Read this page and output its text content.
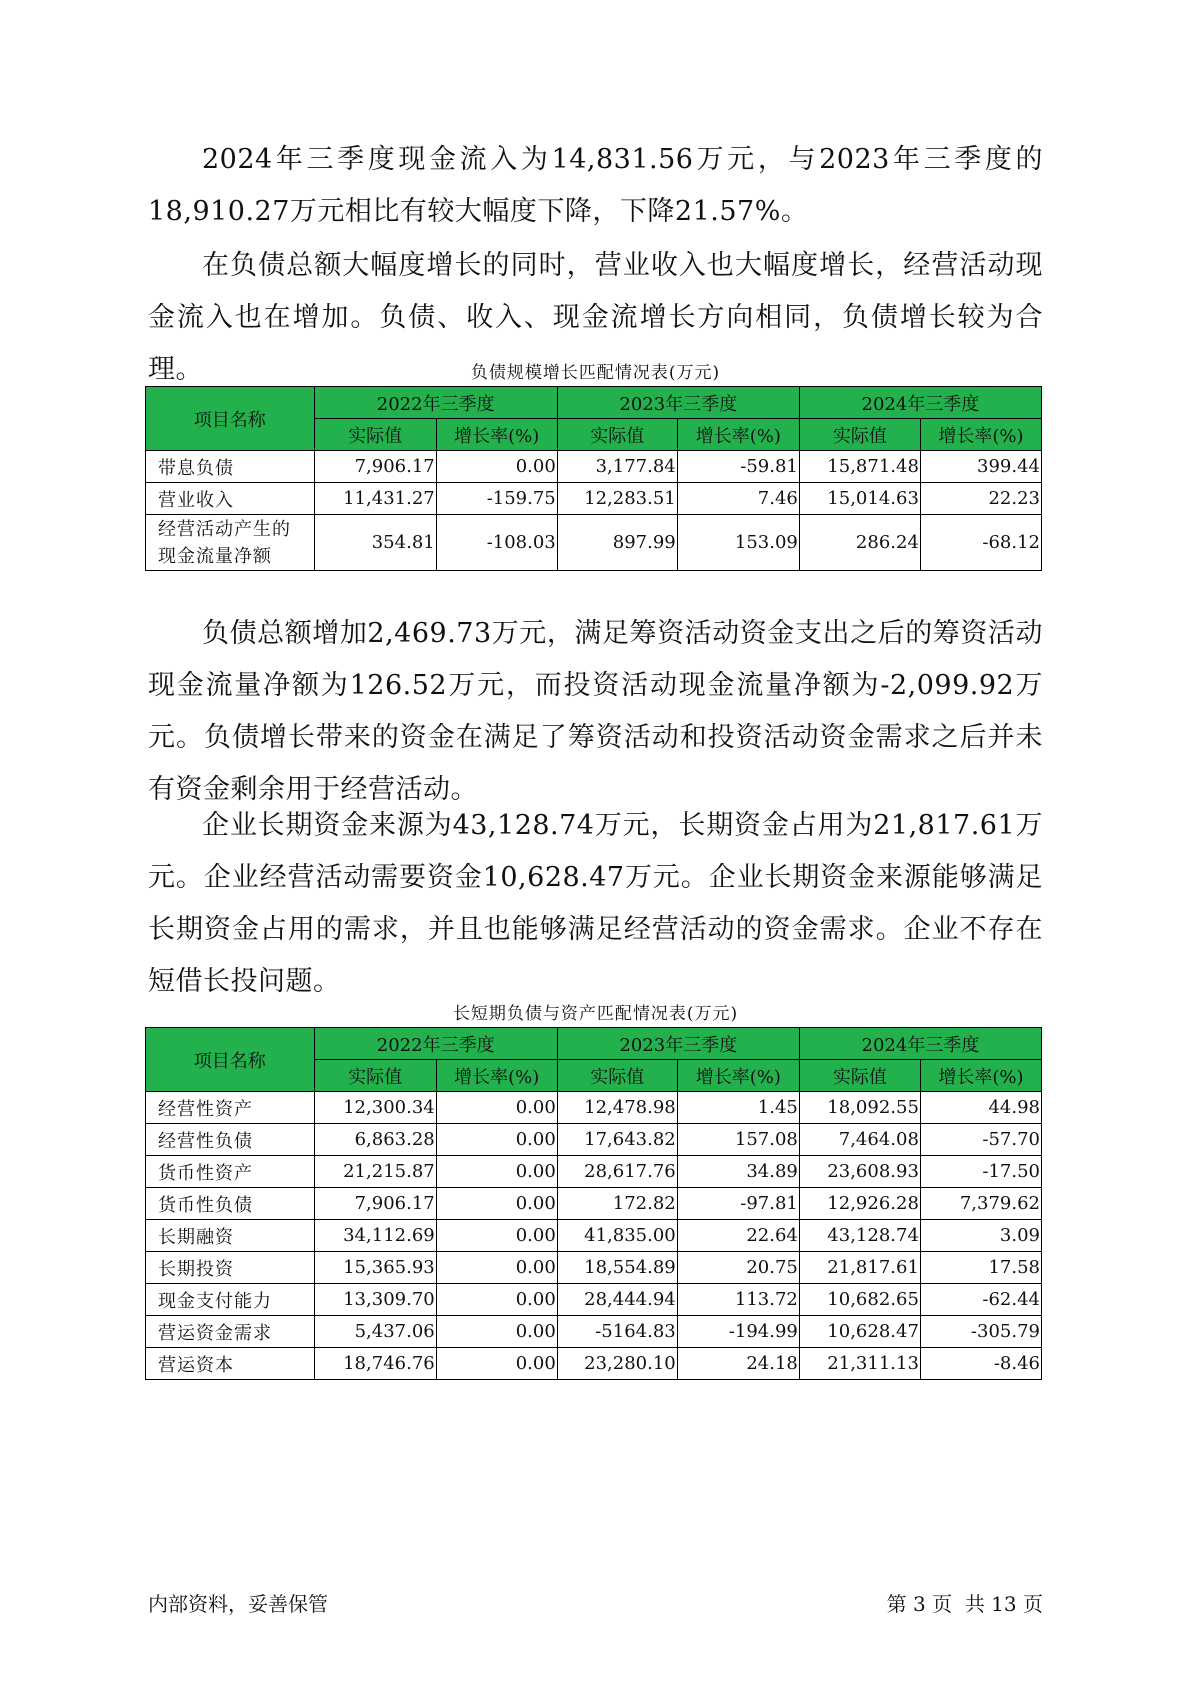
2024年三季度现金流入为14,831.56万元，与2023年三季度的18,910.27万元相比有较大幅度下降，下降21.57%。

在负债总额大幅度增长的同时，营业收入也大幅度增长，经营活动现金流入也在增加。负债、收入、现金流增长方向相同，负债增长较为合理。	负债规模增长匹配情况表(万元)
项目名称	2022年三季度		2023年三季度		2024年三季度	
	实际值	增长率(%)	实际值	增长率(%)	实际值	增长率(%)
带息负债	7,906.17	0.00	3,177.84	-59.81	15,871.48	399.44
营业收入	11,431.27	-159.75	12,283.51	7.46	15,014.63	22.23
经营活动产生的现金流量净额	354.81	-108.03	897.99	153.09	286.24	-68.12

负债总额增加2,469.73万元，满足筹资活动资金支出之后的筹资活动现金流量净额为126.52万元，而投资活动现金流量净额为-2,099.92万元。负债增长带来的资金在满足了筹资活动和投资活动资金需求之后并未有资金剩余用于经营活动。

企业长期资金来源为43,128.74万元，长期资金占用为21,817.61万元。企业经营活动需要资金10,628.47万元。企业长期资金来源能够满足长期资金占用的需求，并且也能够满足经营活动的资金需求。企业不存在短借长投问题。

长短期负债与资产匹配情况表(万元)
项目名称	2022年三季度		2023年三季度		2024年三季度	
	实际值	增长率(%)	实际值	增长率(%)	实际值	增长率(%)
经营性资产	12,300.34	0.00	12,478.98	1.45	18,092.55	44.98
经营性负债	6,863.28	0.00	17,643.82	157.08	7,464.08	-57.70
货币性资产	21,215.87	0.00	28,617.76	34.89	23,608.93	-17.50
货币性负债	7,906.17	0.00	172.82	-97.81	12,926.28	7,379.62
长期融资	34,112.69	0.00	41,835.00	22.64	43,128.74	3.09
长期投资	15,365.93	0.00	18,554.89	20.75	21,817.61	17.58
现金支付能力	13,309.70	0.00	28,444.94	113.72	10,682.65	-62.44
营运资金需求	5,437.06	0.00	-5164.83	-194.99	10,628.47	-305.79
营运资本	18,746.76	0.00	23,280.10	24.18	21,311.13	-8.46
内部资料，妥善保管	第 3 页  共 13 页
